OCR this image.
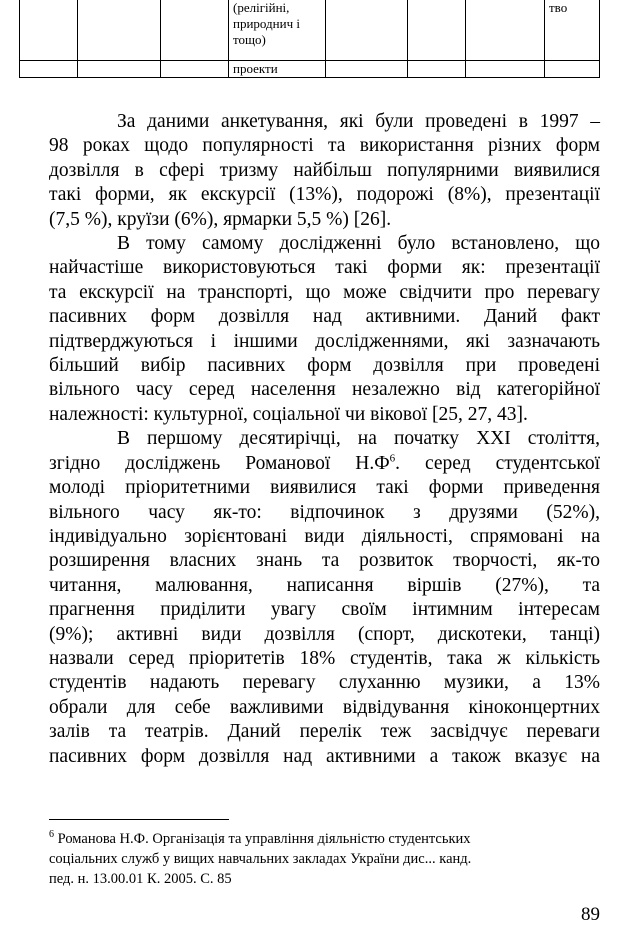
			(релігійні, природнич і тощо)				тво
			проекти				
За даними анкетування, які були проведені в 1997 –
98 роках щодо популярності та використання різних форм
дозвілля в сфері тризму найбільш популярними виявилися
такі форми, як екскурсії (13%), подорожі (8%), презентації
(7,5 %), круїзи (6%), ярмарки 5,5 %) [26].
В тому самому дослідженні було встановлено, що
найчастіше використовуються такі форми як: презентації
та екскурсії на транспорті, що може свідчити про перевагу
пасивних форм дозвілля над активними. Даний факт
підтверджуються і іншими дослідженнями, які зазначають
більший вибір пасивних форм дозвілля при проведені
вільного часу серед населення незалежно від категорійної
належності: культурної, соціальної чи вікової [25, 27, 43].
В першому десятирічці, на початку XXI століття,
згідно досліджень Романової $Н.Ф^6$. серед студентської
молоді пріоритетними виявилися такі форми приведення
вільного часу як-то: відпочинок з друзями (52%),
індивідуально зорієнтовані види діяльності, спрямовані на
розширення власних знань та розвиток творчості, як-то
читання, малювання, написання віршів (27%), та
прагнення приділити увагу своїм інтимним інтересам
(9%); активні види дозвілля (спорт, дискотеки, танці)
назвали серед пріоритетів 18% студентів, така ж кількість
студентів надають перевагу слуханню музики, а 13%
обрали для себе важливими відвідування кіноконцертних
залів та театрів. Даний перелік теж засвідчує переваги
пасивних форм дозвілля над активними а також вказує на
$^6$ Романова Н.Ф. Організація та управління діяльністю студентських
соціальних служб у вищих навчальних закладах України дис... канд.
пед. н. 13.00.01 К. 2005. С. 85
89
